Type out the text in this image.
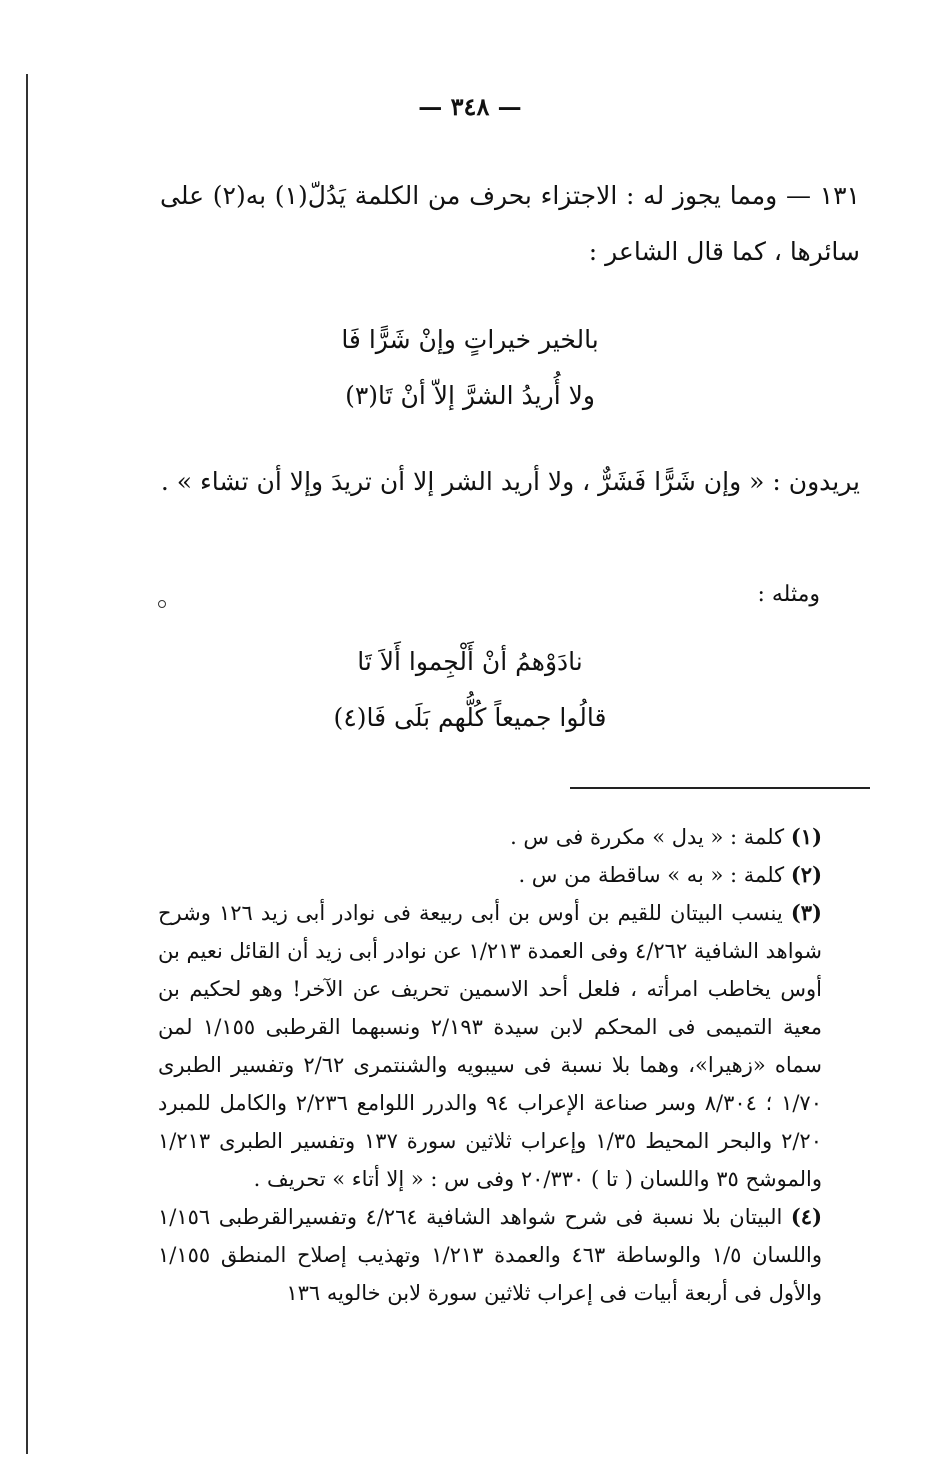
— ٣٤٨ —

١٣١ — ومما يجوز له : الاجتزاء بحرف من الكلمة يَدُلّ(١) به(٢) على سائرها ، كما قال الشاعر :

بالخير خيراتٍ وإنْ شَرًّا فَا
ولا أُريدُ الشرَّ إلاّ أنْ تَا(٣)

يريدون : « وإن شَرًّا فَشَرٌّ ، ولا أريد الشر إلا أن تريدَ وإلا أن تشاء » .

ومثله :
نادَوْهمُ أنْ أَلْجِموا أَلاَ تَا
قالُوا جميعاً كُلُّهم بَلَى فَا(٤)

(١) كلمة : « يدل » مكررة فى س .

(٢) كلمة : « به » ساقطة من س .

(٣) ينسب البيتان للقيم بن أوس بن أبى ربيعة فى نوادر أبى زيد ١٢٦ وشرح شواهد الشافية ٤/٢٦٢ وفى العمدة ١/٢١٣ عن نوادر أبى زيد أن القائل نعيم بن أوس يخاطب امرأته ، فلعل أحد الاسمين تحريف عن الآخر! وهو لحكيم بن معية التميمى فى المحكم لابن سيدة ٢/١٩٣ ونسبهما القرطبى ١/١٥٥ لمن سماه «زهيرا»، وهما بلا نسبة فى سيبويه والشنتمرى ٢/٦٢ وتفسير الطبرى ١/٧٠ ؛ ٨/٣٠٤ وسر صناعة الإعراب ٩٤ والدرر اللوامع ٢/٢٣٦ والكامل للمبرد ٢/٢٠ والبحر المحيط ١/٣٥ وإعراب ثلاثين سورة ١٣٧ وتفسير الطبرى ١/٢١٣ والموشح ٣٥ واللسان ( تا ) ٢٠/٣٣٠ وفى س : « إلا أتاء » تحريف .

(٤) البيتان بلا نسبة فى شرح شواهد الشافية ٤/٢٦٤ وتفسيرالقرطبى ١/١٥٦ واللسان ١/٥ والوساطة ٤٦٣ والعمدة ١/٢١٣ وتهذيب إصلاح المنطق ١/١٥٥ والأول فى أربعة أبيات فى إعراب ثلاثين سورة لابن خالويه ١٣٦
